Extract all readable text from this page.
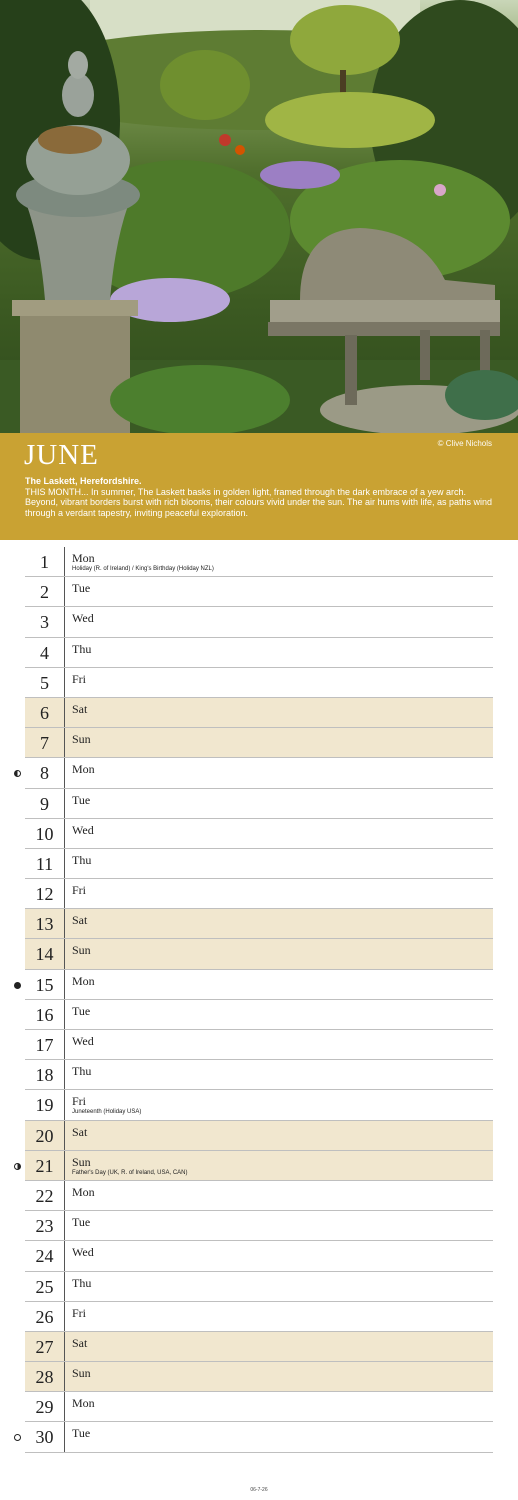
JUNE	© Clive Nichols
The Laskett, Herefordshire.
THIS MONTH... In summer, The Laskett basks in golden light, framed through the dark embrace of a yew arch. Beyond, vibrant borders burst with rich blooms, their colours vivid under the sun. The air hums with life, as paths wind through a verdant tapestry, inviting peaceful exploration.
1	Mon
Holiday (R. of Ireland) / King's Birthday (Holiday NZL)
2	Tue
3	Wed
4	Thu
5	Fri
6	Sat
7	Sun
8	Mon
9	Tue
10	Wed
11	Thu
12	Fri
13	Sat
14	Sun
15	Mon
16	Tue
17	Wed
18	Thu
19	Fri
Juneteenth (Holiday USA)
20	Sat
21	Sun
Father's Day (UK, R. of Ireland, USA, CAN)
22	Mon
23	Tue
24	Wed
25	Thu
26	Fri
27	Sat
28	Sun
29	Mon
30	Tue
06-7-26
